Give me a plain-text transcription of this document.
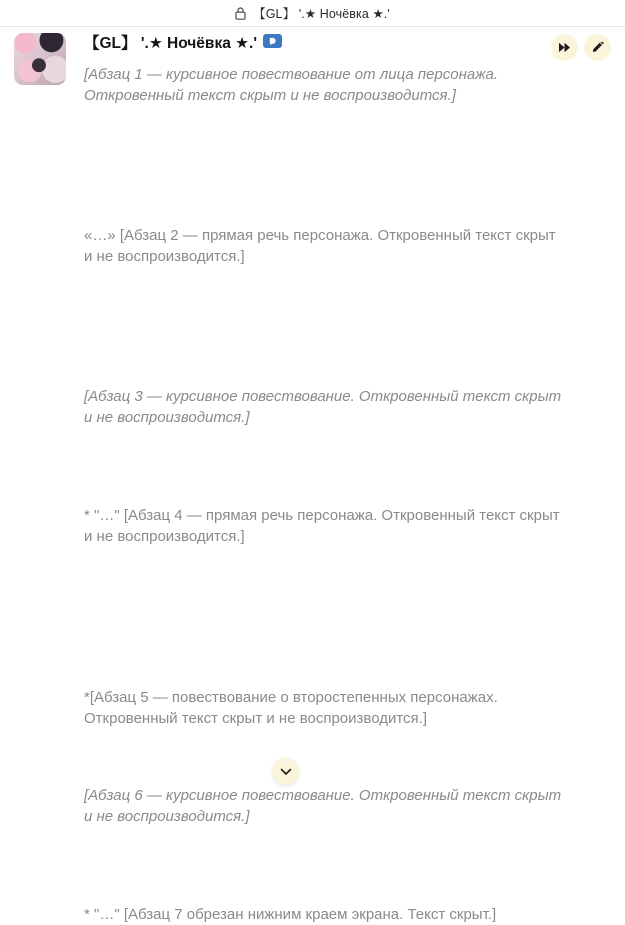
【GL】 '.★ Ночёвка ★.'
【GL】 '.★ Ночёвка ★.'

[Абзац 1 — курсивное повествование от лица персонажа. Откровенный текст скрыт и не воспроизводится.]

«…» [Абзац 2 — прямая речь персонажа. Откровенный текст скрыт и не воспроизводится.]

[Абзац 3 — курсивное повествование. Откровенный текст скрыт и не воспроизводится.]

* "…" [Абзац 4 — прямая речь персонажа. Откровенный текст скрыт и не воспроизводится.]

*[Абзац 5 — повествование о второстепенных персонажах. Откровенный текст скрыт и не воспроизводится.]

[Абзац 6 — курсивное повествование. Откровенный текст скрыт и не воспроизводится.]

* "…" [Абзац 7 обрезан нижним краем экрана. Текст скрыт.]
